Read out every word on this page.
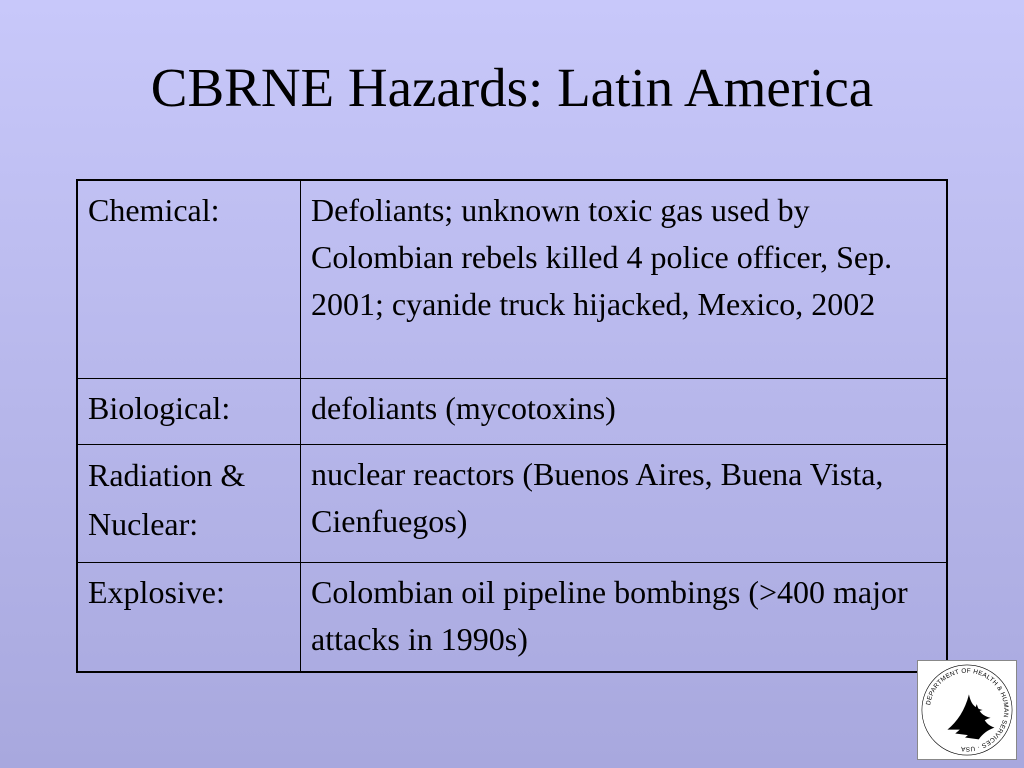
CBRNE Hazards: Latin America
Chemical:	Defoliants; unknown toxic gas used by Colombian rebels killed 4 police officer, Sep. 2001; cyanide truck hijacked, Mexico, 2002
Biological:	defoliants (mycotoxins)
Radiation & Nuclear:	nuclear reactors (Buenos Aires, Buena Vista, Cienfuegos)
Explosive:	Colombian oil pipeline bombings (>400 major attacks in 1990s)
DEPARTMENT OF HEALTH & HUMAN SERVICES · USA
